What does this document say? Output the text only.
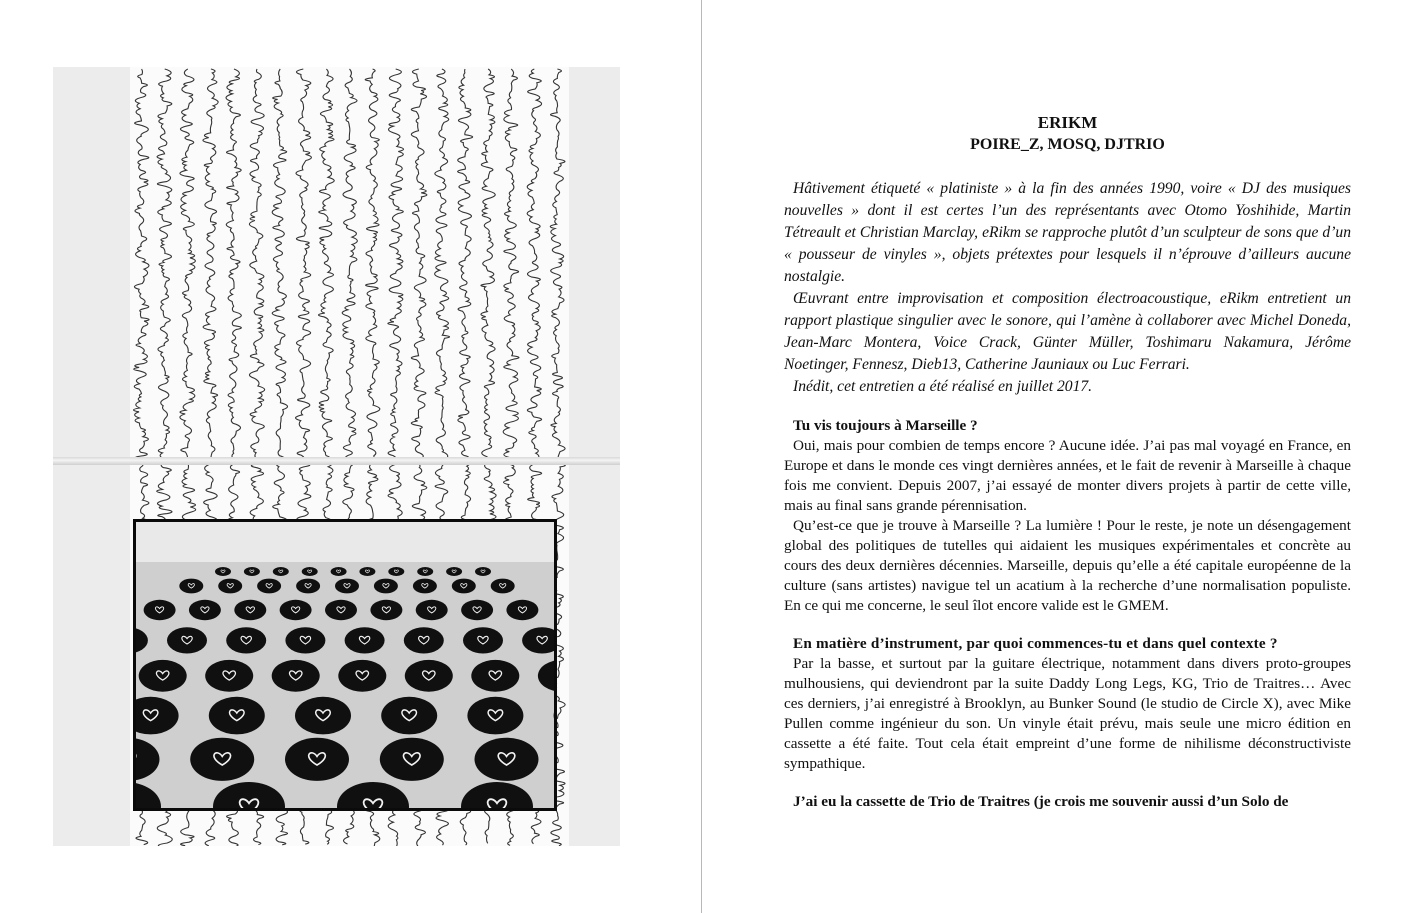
ERIKM
POIRE_Z, MOSQ, DJTRIO

Hâtivement étiqueté « platiniste » à la fin des années 1990, voire « DJ des musiques nouvelles » dont il est certes l’un des représentants avec Otomo Yoshihide, Martin Tétreault et Christian Marclay, eRikm se rapproche plutôt d’un sculpteur de sons que d’un « pousseur de vinyles », objets prétextes pour lesquels il n’éprouve d’ailleurs aucune nostalgie.

Œuvrant entre improvisation et composition électroacoustique, eRikm entretient un rapport plastique singulier avec le sonore, qui l’amène à collaborer avec Michel Doneda, Jean-Marc Montera, Voice Crack, Günter Müller, Toshimaru Nakamura, Jérôme Noetinger, Fennesz, Dieb13, Catherine Jauniaux ou Luc Ferrari.

Inédit, cet entretien a été réalisé en juillet 2017.

Tu vis toujours à Marseille ?

Oui, mais pour combien de temps encore ? Aucune idée. J’ai pas mal voyagé en France, en Europe et dans le monde ces vingt dernières années, et le fait de revenir à Marseille à chaque fois me convient. Depuis 2007, j’ai essayé de monter divers projets à partir de cette ville, mais au final sans grande pérennisation.

Qu’est-ce que je trouve à Marseille ? La lumière ! Pour le reste, je note un désengagement global des politiques de tutelles qui aidaient les musiques expérimentales et concrète au cours des deux dernières décennies. Marseille, depuis qu’elle a été capitale européenne de la culture (sans artistes) navigue tel un acatium à la recherche d’une normalisation populiste. En ce qui me concerne, le seul îlot encore valide est le GMEM.

En matière d’instrument, par quoi commences-tu et dans quel contexte ?

Par la basse, et surtout par la guitare électrique, notamment dans divers proto-groupes mulhousiens, qui deviendront par la suite Daddy Long Legs, KG, Trio de Traitres… Avec ces derniers, j’ai enregistré à Brooklyn, au Bunker Sound (le studio de Circle X), avec Mike Pullen comme ingénieur du son. Un vinyle était prévu, mais seule une micro édition en cassette a été faite. Tout cela était empreint d’une forme de nihilisme déconstructiviste sympathique.

J’ai eu la cassette de Trio de Traitres (je crois me souvenir aussi d’un Solo de
